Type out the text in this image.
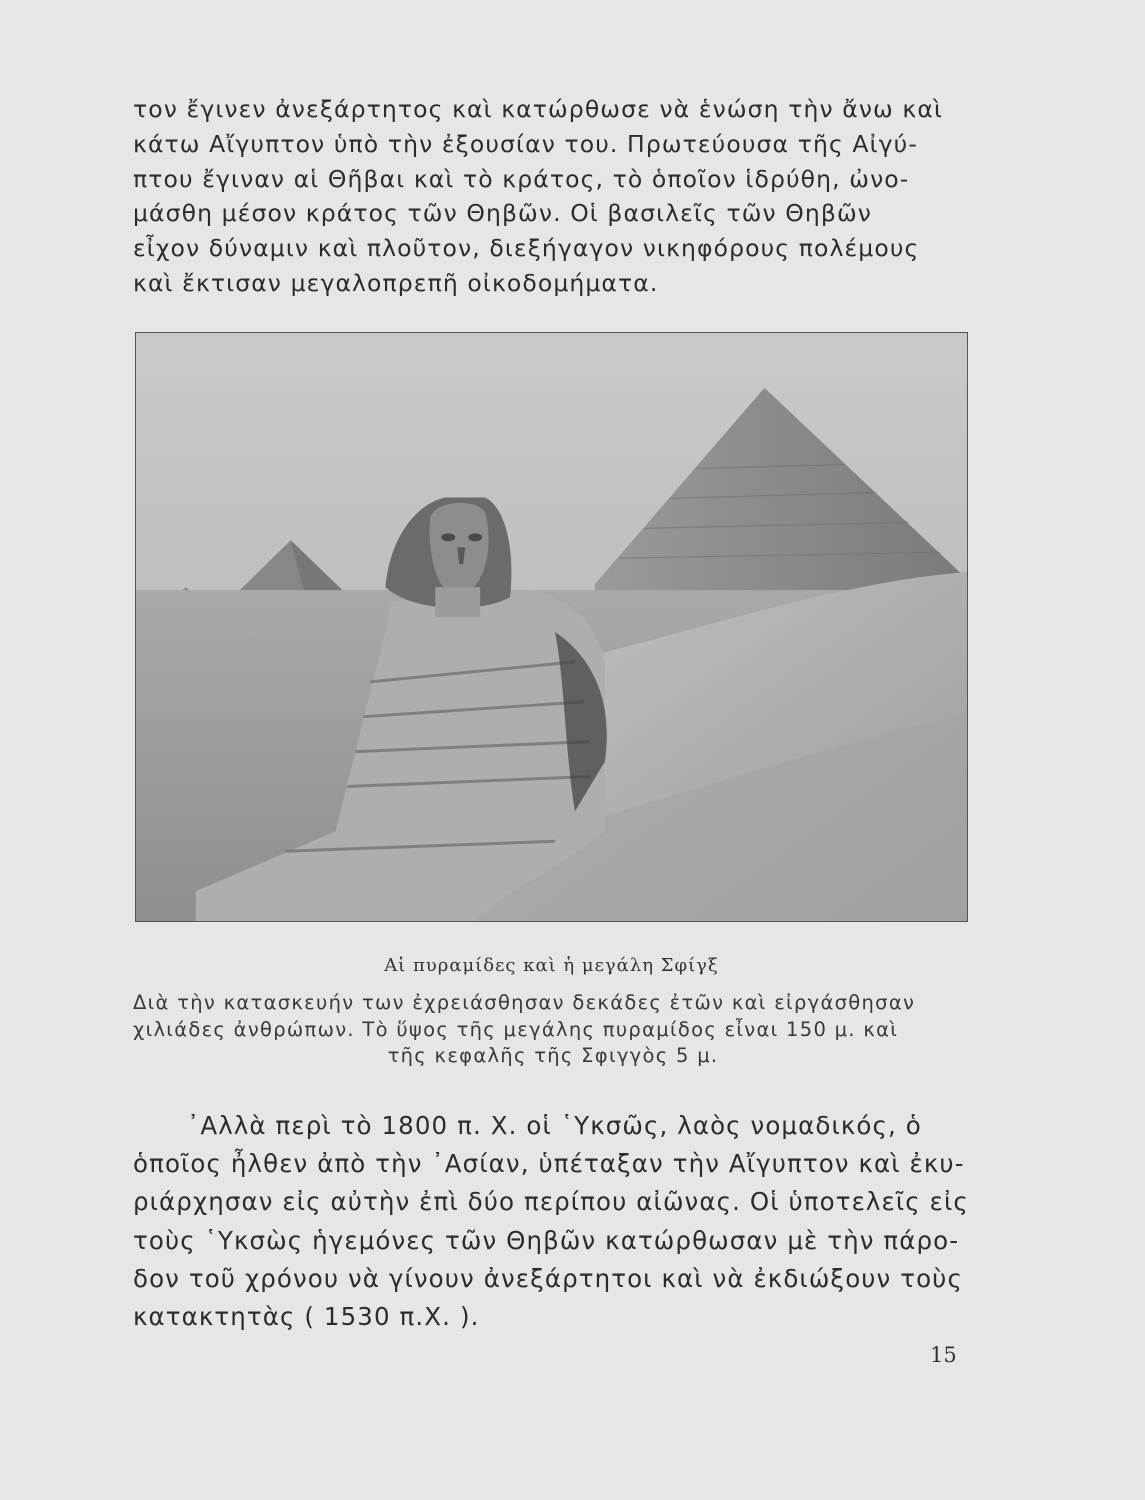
τον ἔγινεν ἀνεξάρτητος καὶ κατώρθωσε νὰ ἑνώση τὴν ἄνω καὶ
κάτω Αἴγυπτον ὑπὸ τὴν ἐξουσίαν του. Πρωτεύουσα τῆς Αἰγύ-
πτου ἔγιναν αἱ Θῆβαι καὶ τὸ κράτος, τὸ ὁποῖον ἱδρύθη, ὠνο-
μάσθη μέσον κράτος τῶν Θηβῶν. Οἱ βασιλεῖς τῶν Θηβῶν
εἶχον δύναμιν καὶ πλοῦτον, διεξήγαγον νικηφόρους πολέμους
καὶ ἔκτισαν μεγαλοπρεπῆ οἰκοδομήματα.
Αἱ πυραμίδες καὶ ἡ μεγάλη Σφίγξ
Διὰ τὴν κατασκευήν των ἐχρειάσθησαν δεκάδες ἐτῶν καὶ εἰργάσθησαν
χιλιάδες ἀνθρώπων. Τὸ ὕψος τῆς μεγάλης πυραμίδος εἶναι 150 μ. καὶ
τῆς κεφαλῆς τῆς Σφιγγὸς 5 μ.
᾿Αλλὰ περὶ τὸ 1800 π. Χ. οἱ ῾Υκσῶς, λαὸς νομαδικός, ὁ
ὁποῖος ἦλθεν ἀπὸ τὴν ᾿Ασίαν, ὑπέταξαν τὴν Αἴγυπτον καὶ ἐκυ-
ριάρχησαν εἰς αὐτὴν ἐπὶ δύο περίπου αἰῶνας. Οἱ ὑποτελεῖς εἰς
τοὺς ῾Υκσὼς ἡγεμόνες τῶν Θηβῶν κατώρθωσαν μὲ τὴν πάρο-
δον τοῦ χρόνου νὰ γίνουν ἀνεξάρτητοι καὶ νὰ ἐκδιώξουν τοὺς
κατακτητὰς ( 1530 π.Χ. ).
15
